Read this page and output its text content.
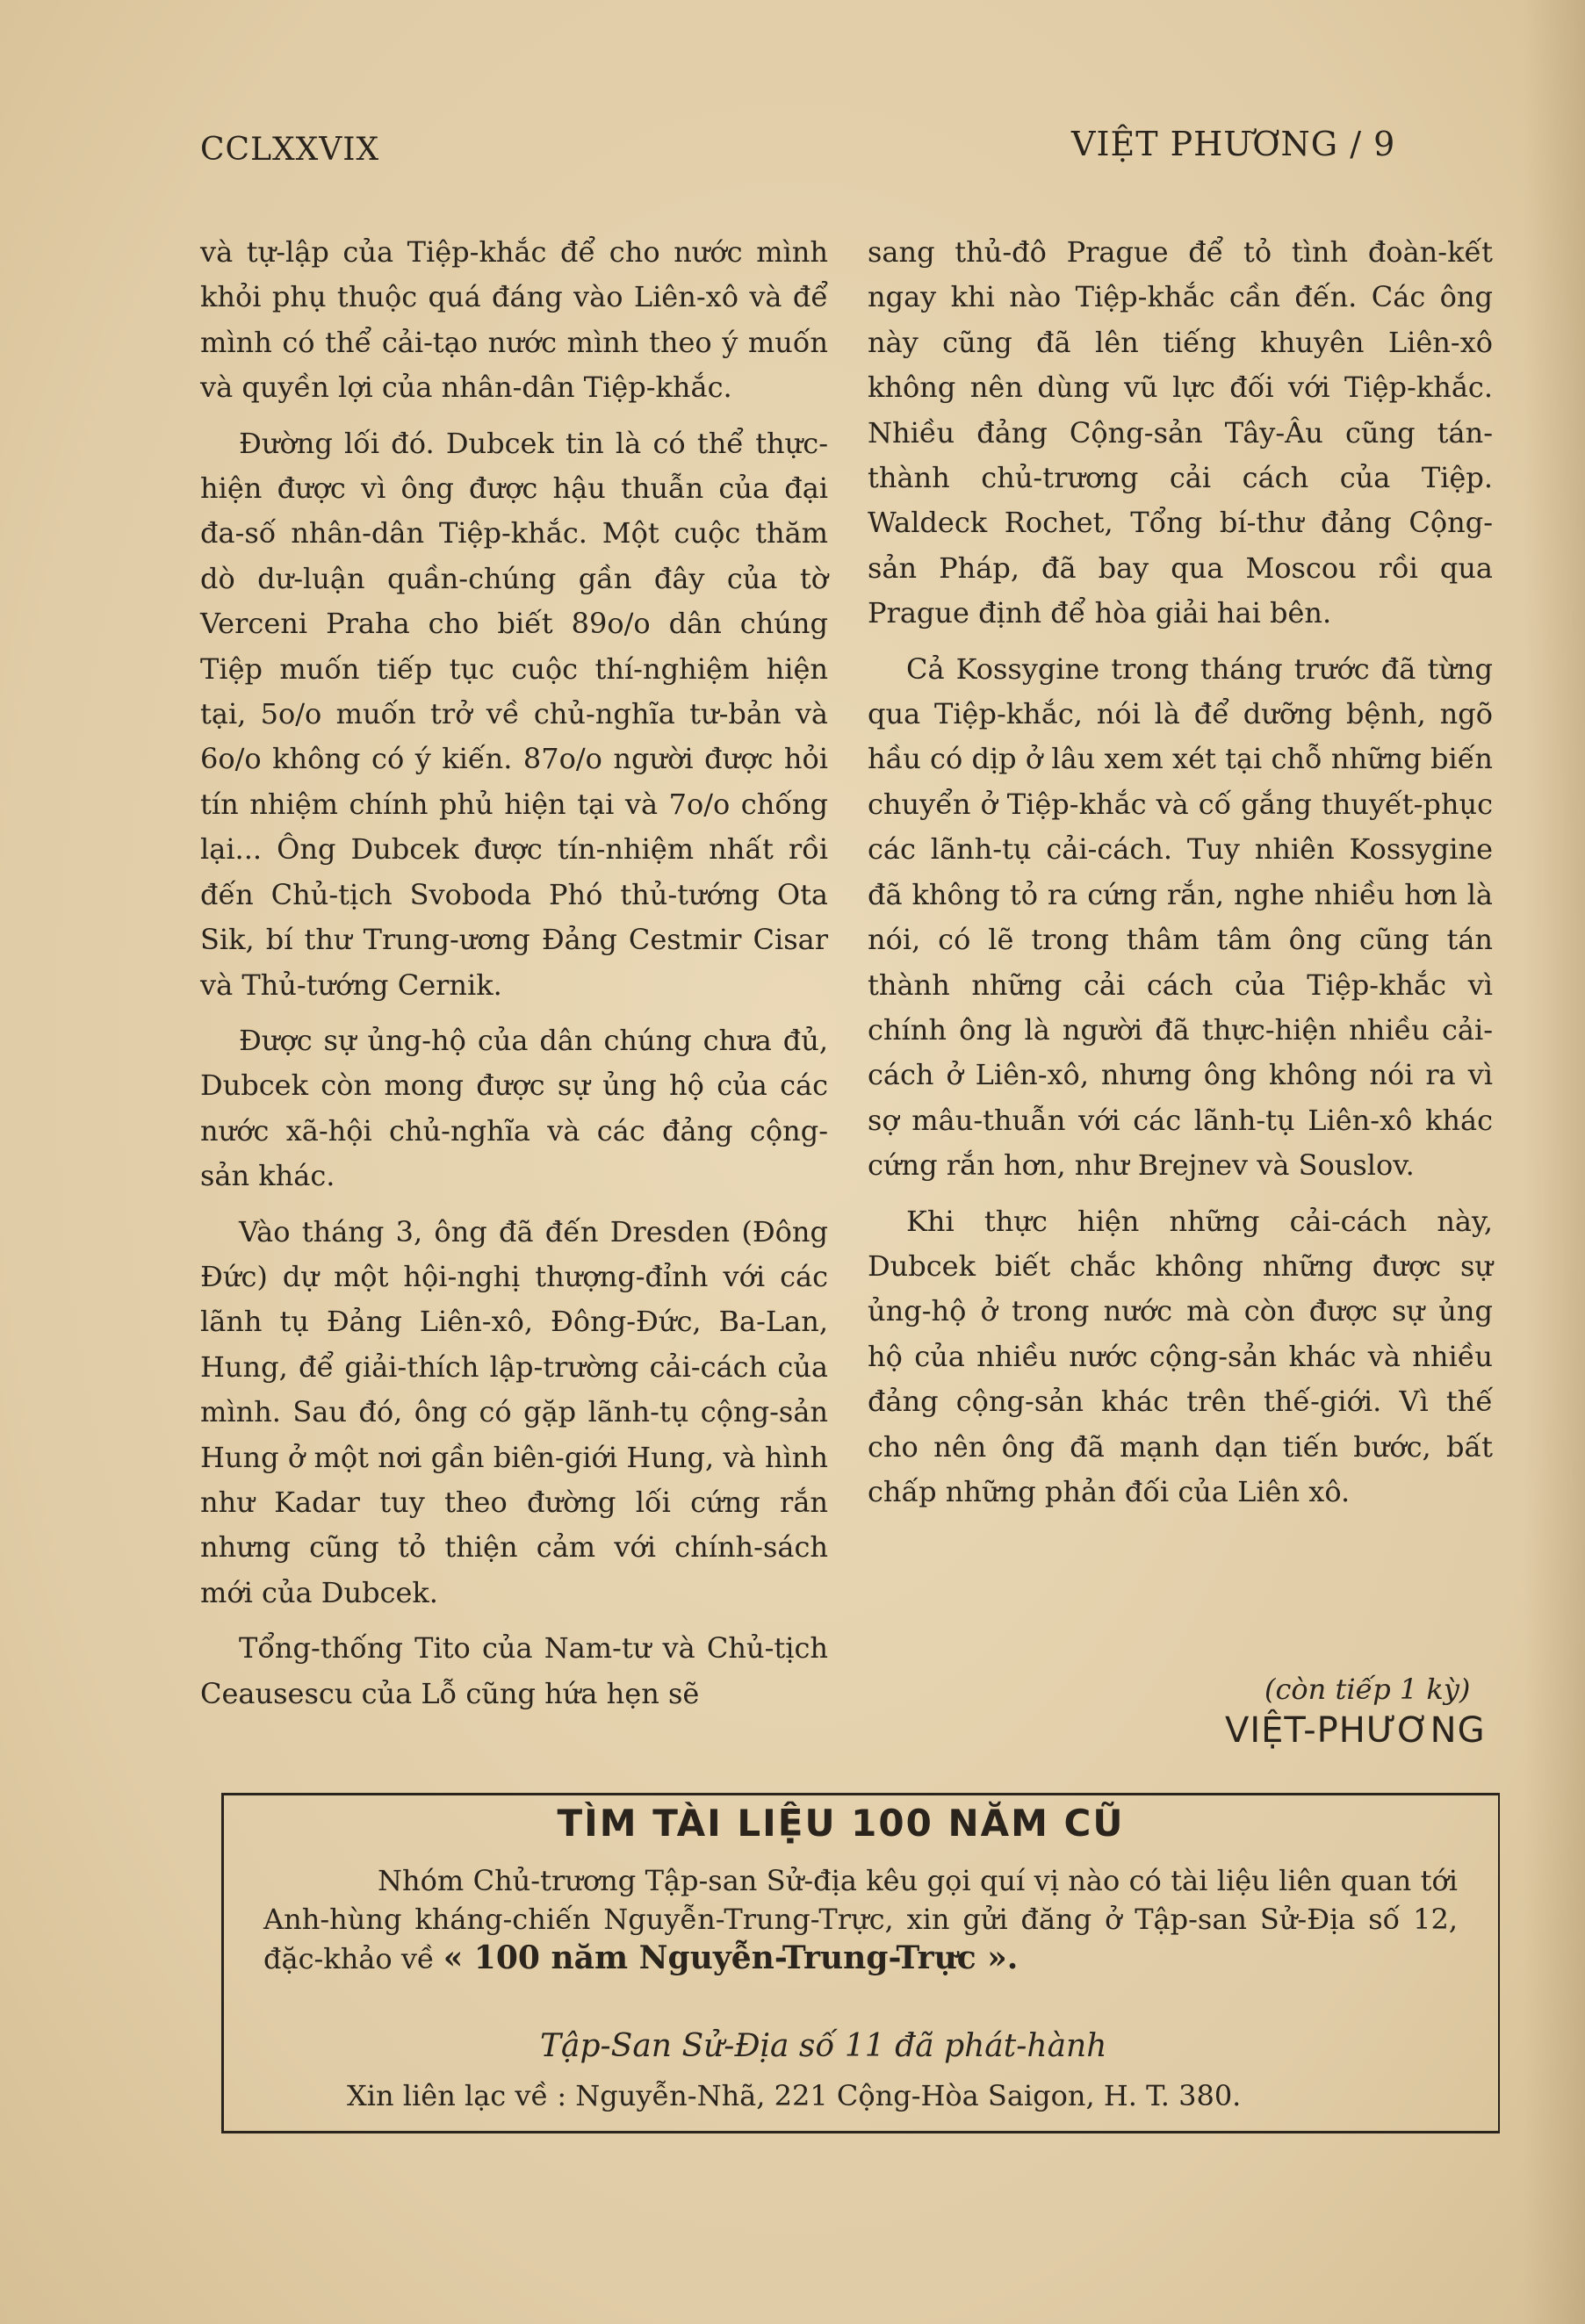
CCLXXVIX	VIỆT PHƯƠNG / 9

và tự-lập của Tiệp-khắc để cho nước mình khỏi phụ thuộc quá đáng vào Liên-xô và để mình có thể cải-tạo nước mình theo ý muốn và quyền lợi của nhân-dân Tiệp-khắc.

Đường lối đó. Dubcek tin là có thể thực-hiện được vì ông được hậu thuẫn của đại đa-số nhân-dân Tiệp-khắc. Một cuộc thăm dò dư-luận quần-chúng gần đây của tờ Verceni Praha cho biết 89o/o dân chúng Tiệp muốn tiếp tục cuộc thí-nghiệm hiện tại, 5o/o muốn trở về chủ-nghĩa tư-bản và 6o/o không có ý kiến. 87o/o người được hỏi tín nhiệm chính phủ hiện tại và 7o/o chống lại... Ông Dubcek được tín-nhiệm nhất rồi đến Chủ-tịch Svoboda Phó thủ-tướng Ota Sik, bí thư Trung-ương Đảng Cestmir Cisar và Thủ-tướng Cernik.

Được sự ủng-hộ của dân chúng chưa đủ, Dubcek còn mong được sự ủng hộ của các nước xã-hội chủ-nghĩa và các đảng cộng-sản khác.

Vào tháng 3, ông đã đến Dresden (Đông Đức) dự một hội-nghị thượng-đỉnh với các lãnh tụ Đảng Liên-xô, Đông-Đức, Ba-Lan, Hung, để giải-thích lập-trường cải-cách của mình. Sau đó, ông có gặp lãnh-tụ cộng-sản Hung ở một nơi gần biên-giới Hung, và hình như Kadar tuy theo đường lối cứng rắn nhưng cũng tỏ thiện cảm với chính-sách mới của Dubcek.

Tổng-thống Tito của Nam-tư và Chủ-tịch Ceausescu của Lỗ cũng hứa hẹn sẽ

sang thủ-đô Prague để tỏ tình đoàn-kết ngay khi nào Tiệp-khắc cần đến. Các ông này cũng đã lên tiếng khuyên Liên-xô không nên dùng vũ lực đối với Tiệp-khắc. Nhiều đảng Cộng-sản Tây-Âu cũng tán-thành chủ-trương cải cách của Tiệp. Waldeck Rochet, Tổng bí-thư đảng Cộng-sản Pháp, đã bay qua Moscou rồi qua Prague định để hòa giải hai bên.

Cả Kossygine trong tháng trước đã từng qua Tiệp-khắc, nói là để dưỡng bệnh, ngõ hầu có dịp ở lâu xem xét tại chỗ những biến chuyển ở Tiệp-khắc và cố gắng thuyết-phục các lãnh-tụ cải-cách. Tuy nhiên Kossygine đã không tỏ ra cứng rắn, nghe nhiều hơn là nói, có lẽ trong thâm tâm ông cũng tán thành những cải cách của Tiệp-khắc vì chính ông là người đã thực-hiện nhiều cải-cách ở Liên-xô, nhưng ông không nói ra vì sợ mâu-thuẫn với các lãnh-tụ Liên-xô khác cứng rắn hơn, như Brejnev và Souslov.

Khi thực hiện những cải-cách này, Dubcek biết chắc không những được sự ủng-hộ ở trong nước mà còn được sự ủng hộ của nhiều nước cộng-sản khác và nhiều đảng cộng-sản khác trên thế-giới. Vì thế cho nên ông đã mạnh dạn tiến bước, bất chấp những phản đối của Liên xô.

(còn tiếp 1 kỳ)
VIỆT-PHƯƠNG
TÌM TÀI LIỆU 100 NĂM CŨ
Nhóm Chủ-trương Tập-san Sử-địa kêu gọi quí vị nào có tài liệu liên quan tới Anh-hùng kháng-chiến Nguyễn-Trung-Trực, xin gửi đăng ở Tập-san Sử-Địa số 12, đặc-khảo về « 100 năm Nguyễn-Trung-Trực ».
Tập-San Sử-Địa số 11 đã phát-hành
Xin liên lạc về : Nguyễn-Nhã, 221 Cộng-Hòa Saigon, H. T. 380.
